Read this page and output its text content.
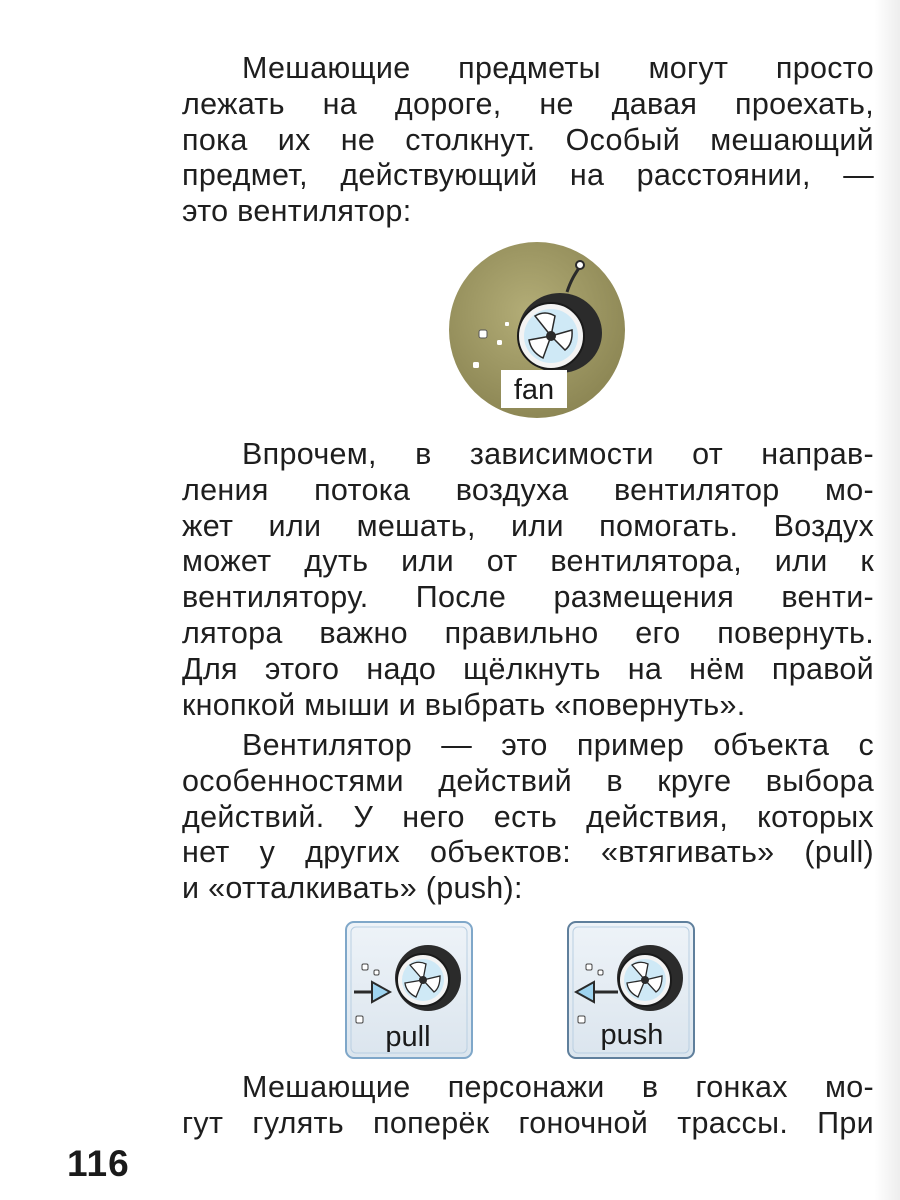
Мешающие предметы могут просто
лежать на дороге, не давая проехать,
пока их не столкнут. Особый мешающий
предмет, действующий на расстоянии, —
это вентилятор:
fan
Впрочем, в зависимости от направ-
ления потока воздуха вентилятор мо-
жет или мешать, или помогать. Воздух
может дуть или от вентилятора, или к
вентилятору. После размещения венти-
лятора важно правильно его повернуть.
Для этого надо щёлкнуть на нём правой
кнопкой мыши и выбрать «повернуть».
Вентилятор — это пример объекта с
особенностями действий в круге выбора
действий. У него есть действия, которых
нет у других объектов: «втягивать» (pull)
и «отталкивать» (push):
pull	push
Мешающие персонажи в гонках мо-
гут гулять поперёк гоночной трассы. При
116
